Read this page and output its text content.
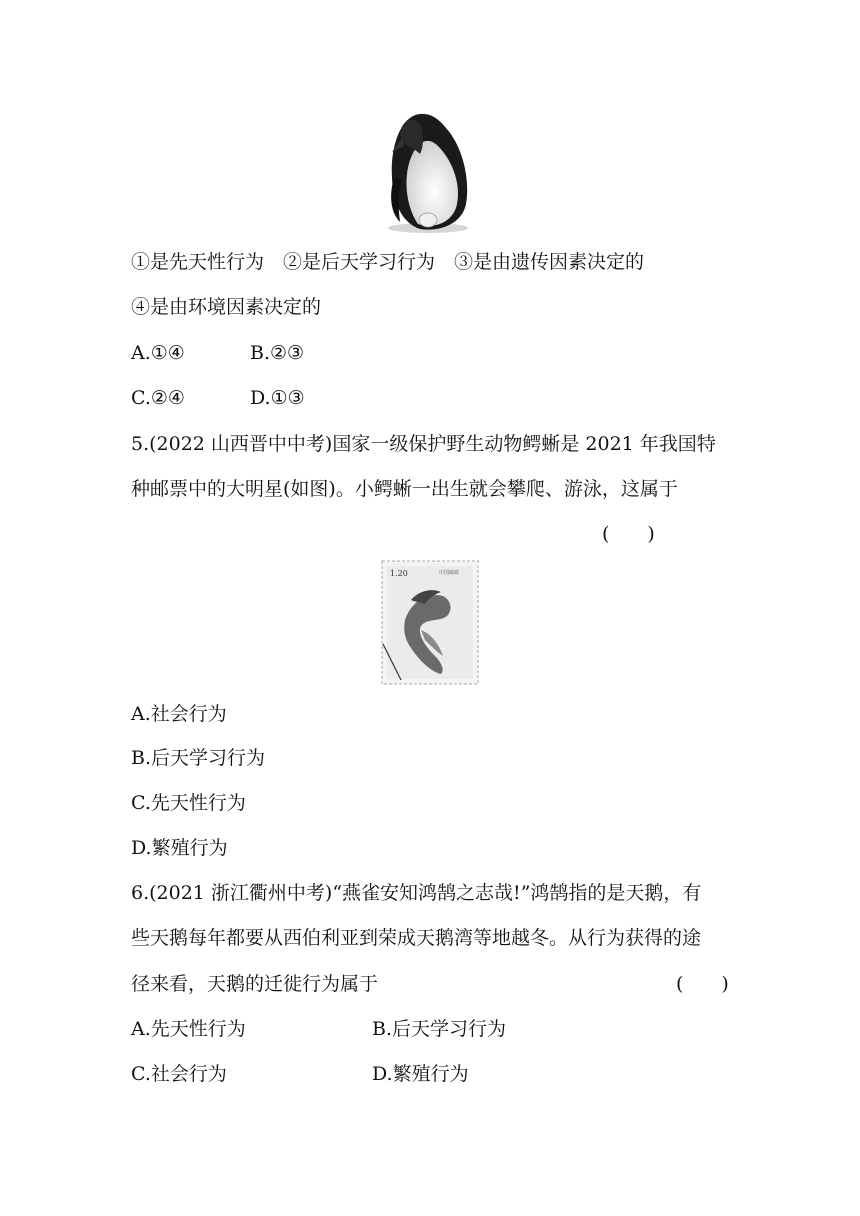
①是先天性行为　②是后天学习行为　③是由遗传因素决定的
④是由环境因素决定的
A.①④	B.②③
C.②④	D.①③
5.(2022 山西晋中中考)国家一级保护野生动物鳄蜥是 2021 年我国特
种邮票中的大明星(如图)。小鳄蜥一出生就会攀爬、游泳，这属于
(　　)
1.20	中国邮政
A.社会行为
B.后天学习行为
C.先天性行为
D.繁殖行为
6.(2021 浙江衢州中考)“燕雀安知鸿鹄之志哉!”鸿鹄指的是天鹅，有
些天鹅每年都要从西伯利亚到荣成天鹅湾等地越冬。从行为获得的途
径来看，天鹅的迁徙行为属于	(　　)
A.先天性行为	B.后天学习行为
C.社会行为	D.繁殖行为
